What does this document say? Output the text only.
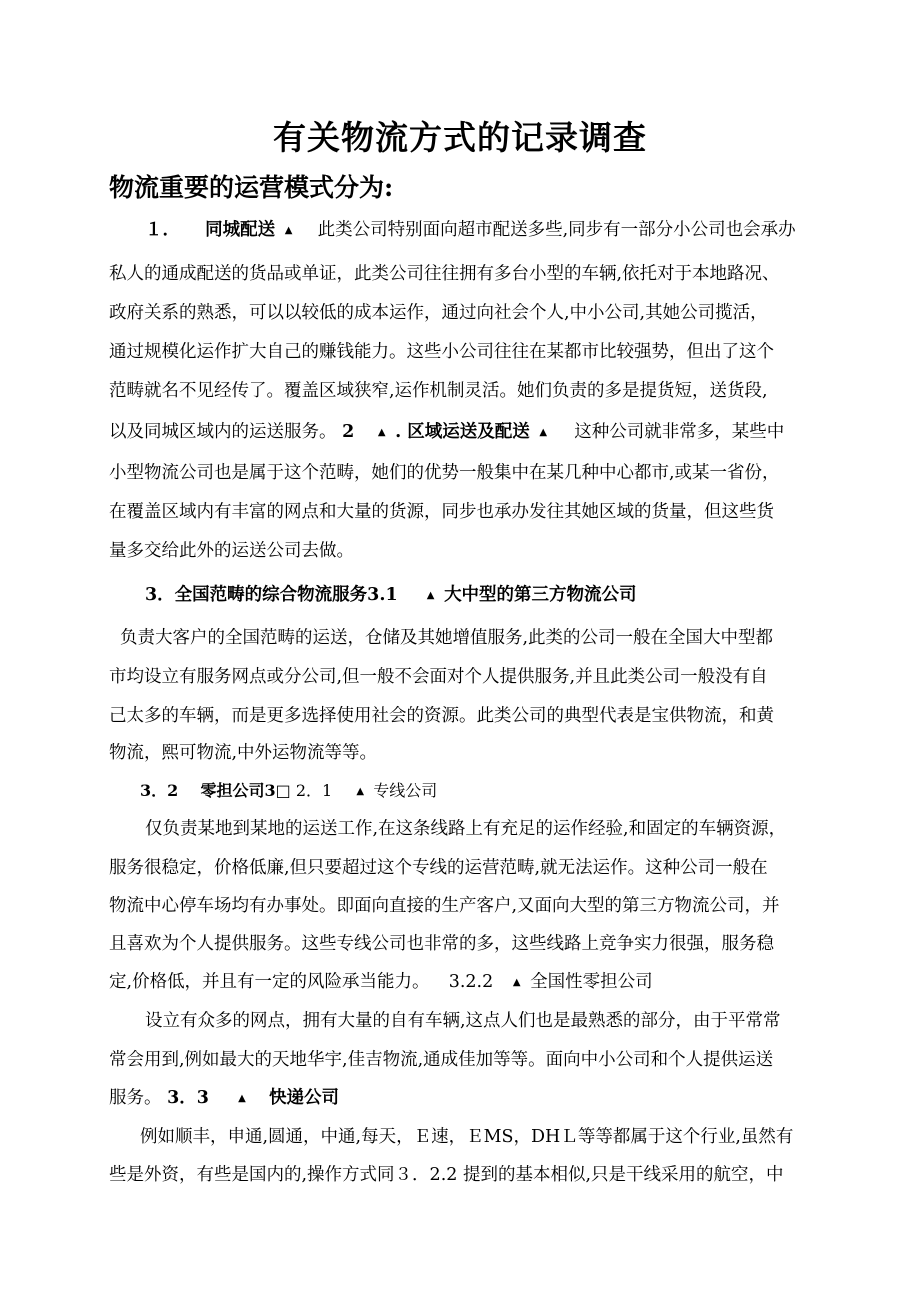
有关物流方式的记录调查
物流重要的运营模式分为:
１． 同城配送 ▲ 此类公司特别面向超市配送多些,同步有一部分小公司也会承办
私人的通成配送的货品或单证，此类公司往往拥有多台小型的车辆,依托对于本地路况、
政府关系的熟悉，可以以较低的成本运作，通过向社会个人,中小公司,其她公司揽活，
通过规模化运作扩大自己的赚钱能力。这些小公司往往在某都市比较强势，但出了这个
范畴就名不见经传了。覆盖区域狭窄,运作机制灵活。她们负责的多是提货短，送货段,
以及同城区域内的运送服务。 2 ▲ . 区域运送及配送 ▲ 这种公司就非常多，某些中
小型物流公司也是属于这个范畴，她们的优势一般集中在某几种中心都市,或某一省份，
在覆盖区域内有丰富的网点和大量的货源，同步也承办发往其她区域的货量，但这些货
量多交给此外的运送公司去做。
3．全国范畴的综合物流服务3.1	▲ 大中型的第三方物流公司
负责大客户的全国范畴的运送，仓储及其她增值服务,此类的公司一般在全国大中型都
市均设立有服务网点或分公司,但一般不会面对个人提供服务,并且此类公司一般没有自
己太多的车辆，而是更多选择使用社会的资源。此类公司的典型代表是宝供物流，和黄
物流，熙可物流,中外运物流等等。
3．2 零担公司3□ 2．1 ▲ 专线公司
仅负责某地到某地的运送工作,在这条线路上有充足的运作经验,和固定的车辆资源，
服务很稳定，价格低廉,但只要超过这个专线的运营范畴,就无法运作。这种公司一般在
物流中心停车场均有办事处。即面向直接的生产客户,又面向大型的第三方物流公司，并
且喜欢为个人提供服务。这些专线公司也非常的多，这些线路上竞争实力很强，服务稳
定,价格低，并且有一定的风险承当能力。 3.2.2 ▲ 全国性零担公司
设立有众多的网点，拥有大量的自有车辆,这点人们也是最熟悉的部分，由于平常常
常会用到,例如最大的天地华宇,佳吉物流,通成佳加等等。面向中小公司和个人提供运送
服务。 3．3	▲ 快递公司
例如顺丰，申通,圆通，中通,每天，Ｅ速，ＥMS，DHＬ等等都属于这个行业,虽然有
些是外资，有些是国内的,操作方式同３．2.2 提到的基本相似,只是干线采用的航空，中
